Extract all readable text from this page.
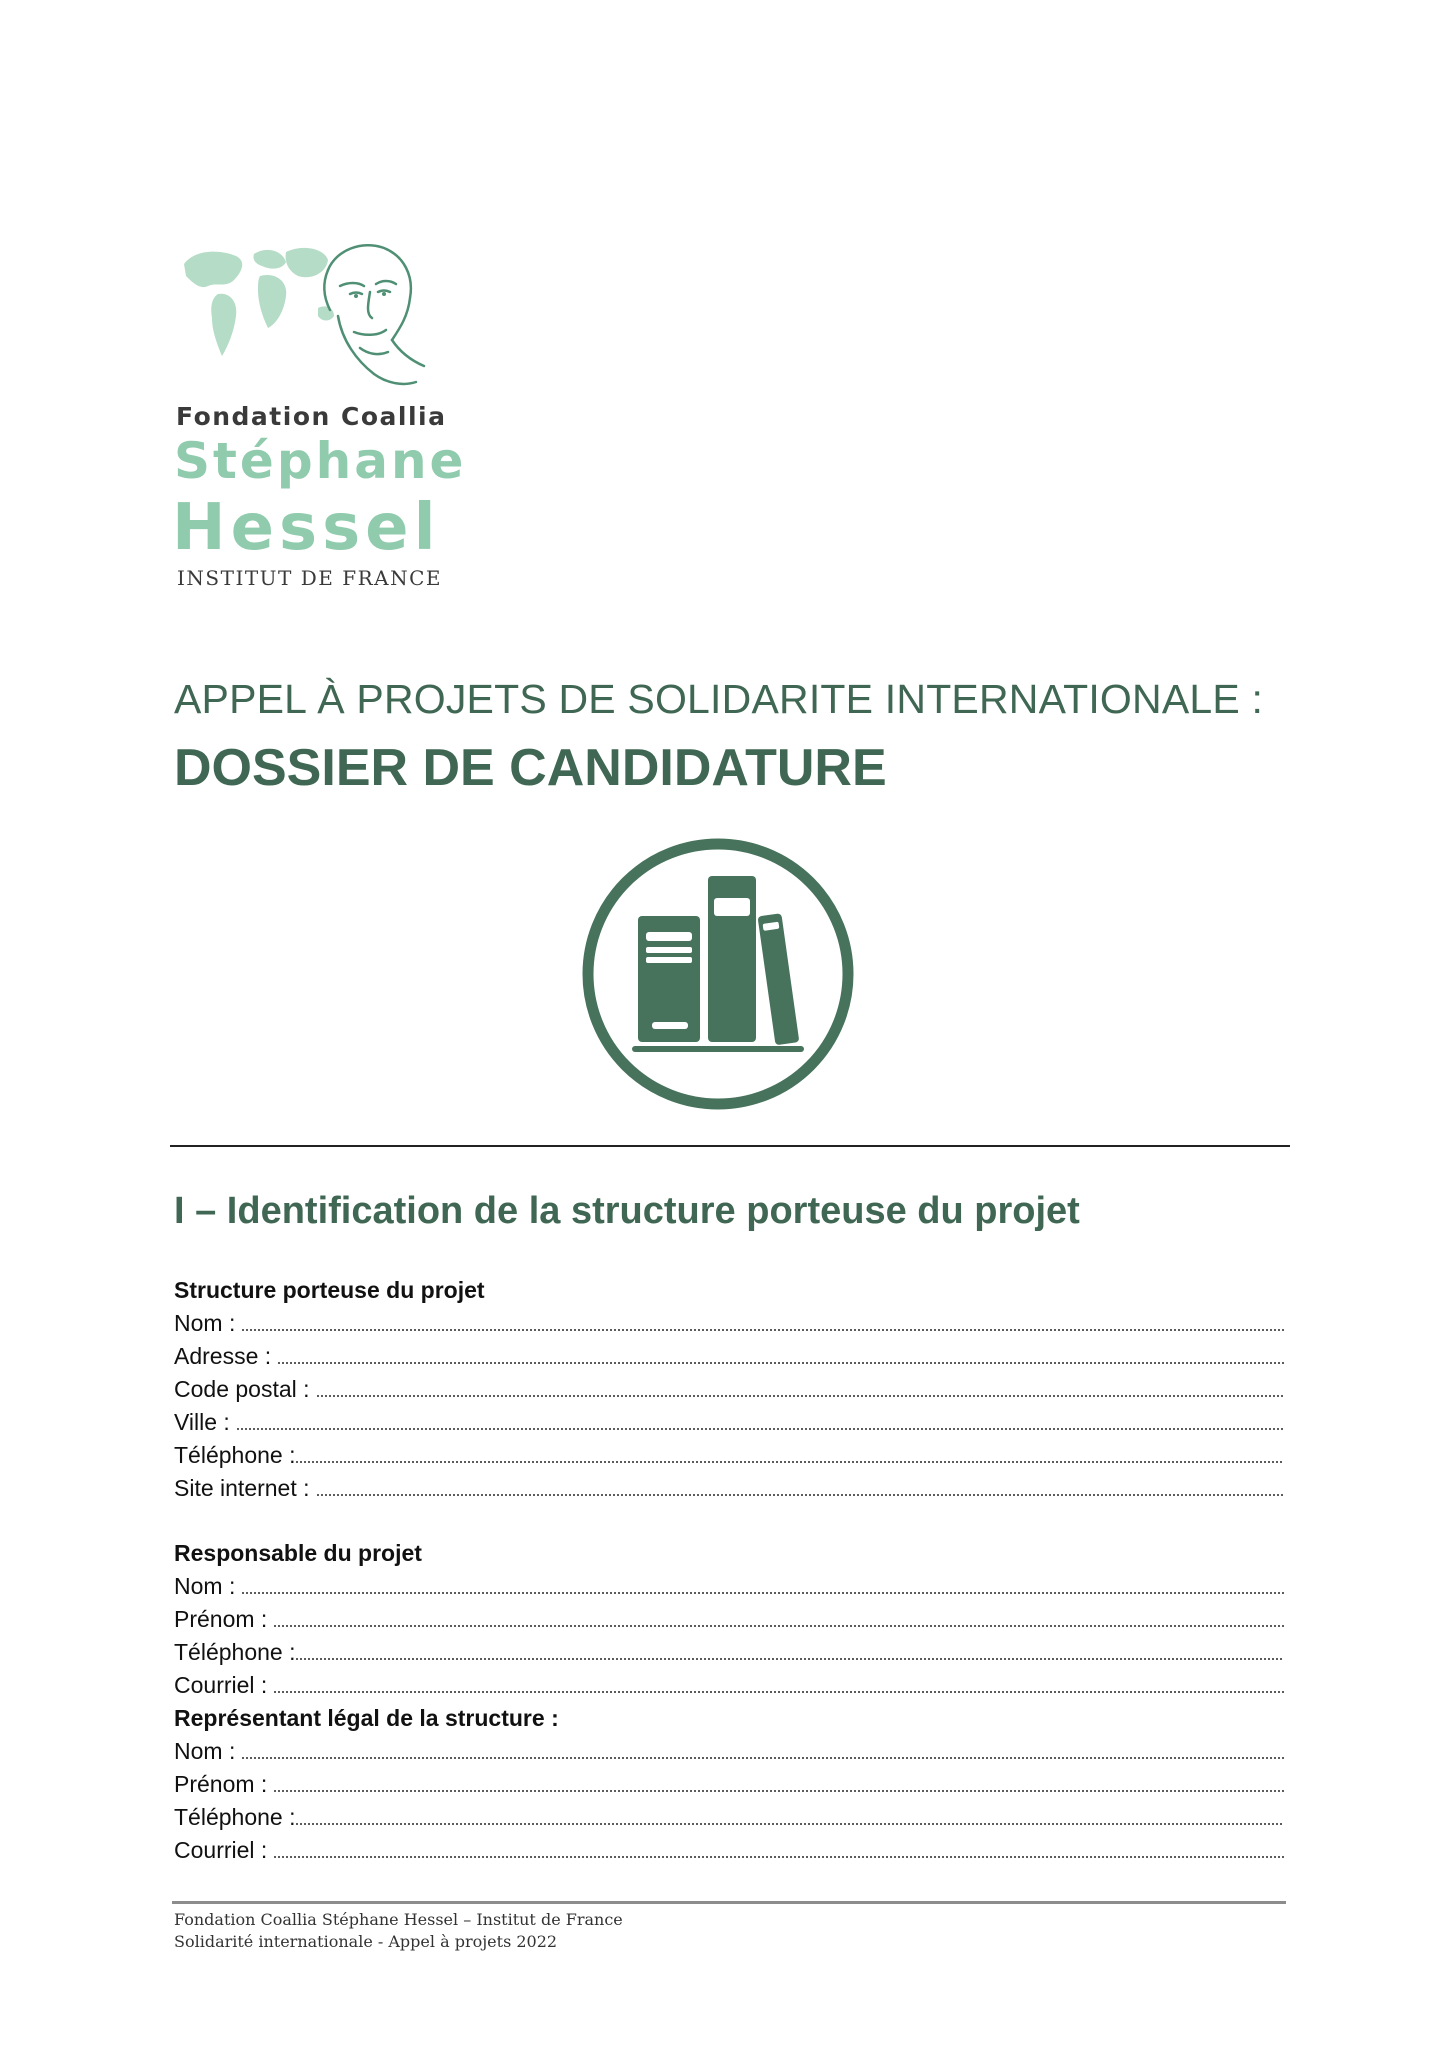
Fondation Coallia
Stéphane
Hessel
INSTITUT DE FRANCE
APPEL À PROJETS DE SOLIDARITE INTERNATIONALE :
DOSSIER DE CANDIDATURE
I – Identification de la structure porteuse du projet
Structure porteuse du projet
Nom :
Adresse :
Code postal :
Ville :
Téléphone :
Site internet :
Responsable du projet
Nom :
Prénom :
Téléphone :
Courriel :
Représentant légal de la structure :
Nom :
Prénom :
Téléphone :
Courriel :
Fondation Coallia Stéphane Hessel – Institut de France
Solidarité internationale - Appel à projets 2022
